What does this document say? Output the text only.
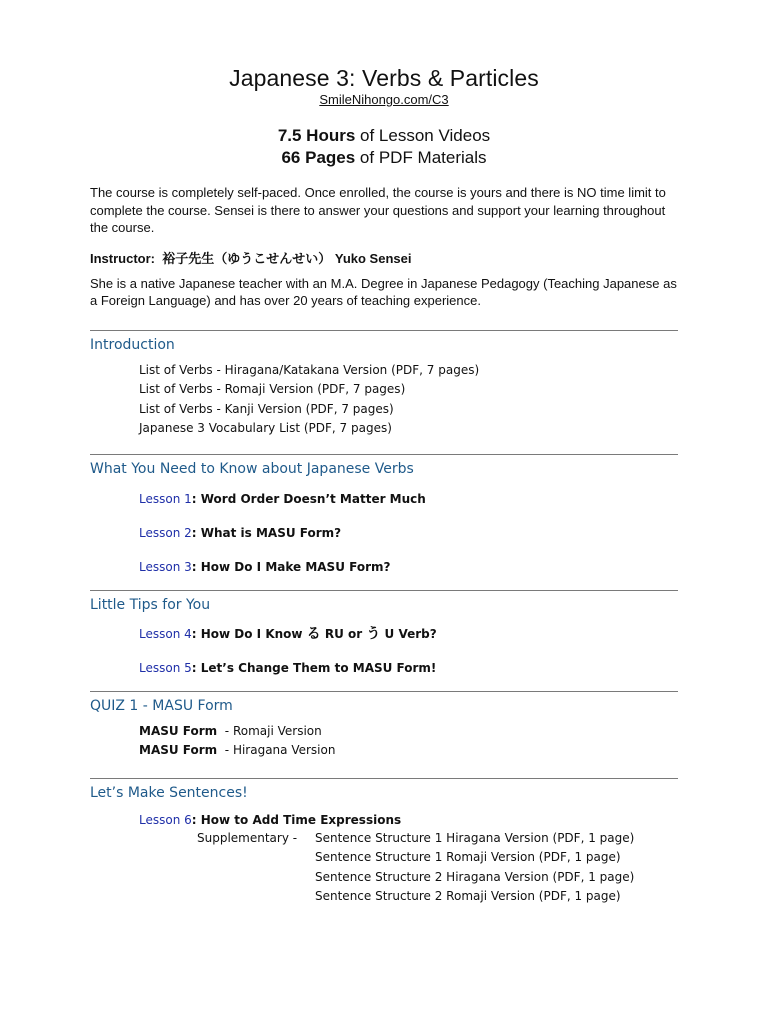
Japanese 3: Verbs & Particles
SmileNihongo.com/C3
7.5 Hours of Lesson Videos
66 Pages of PDF Materials

The course is completely self-paced. Once enrolled, the course is yours and there is NO time limit to complete the course. Sensei is there to answer your questions and support your learning throughout the course.

Instructor: 裕子先生（ゆうこせんせい） Yuko Sensei

She is a native Japanese teacher with an M.A. Degree in Japanese Pedagogy (Teaching Japanese as a Foreign Language) and has over 20 years of teaching experience.

Introduction
List of Verbs - Hiragana/Katakana Version (PDF, 7 pages)
List of Verbs - Romaji Version (PDF, 7 pages)
List of Verbs - Kanji Version (PDF, 7 pages)
Japanese 3 Vocabulary List (PDF, 7 pages)
What You Need to Know about Japanese Verbs
Lesson 1: Word Order Doesn’t Matter Much
Lesson 2: What is MASU Form?
Lesson 3: How Do I Make MASU Form?
Little Tips for You
Lesson 4: How Do I Know る RU or う U Verb?
Lesson 5: Let’s Change Them to MASU Form!
QUIZ 1 - MASU Form
MASU Form  - Romaji Version
MASU Form  - Hiragana Version
Let’s Make Sentences!
Lesson 6: How to Add Time Expressions
Supplementary -	Sentence Structure 1 Hiragana Version (PDF, 1 page)
Sentence Structure 1 Romaji Version (PDF, 1 page)
Sentence Structure 2 Hiragana Version (PDF, 1 page)
Sentence Structure 2 Romaji Version (PDF, 1 page)
